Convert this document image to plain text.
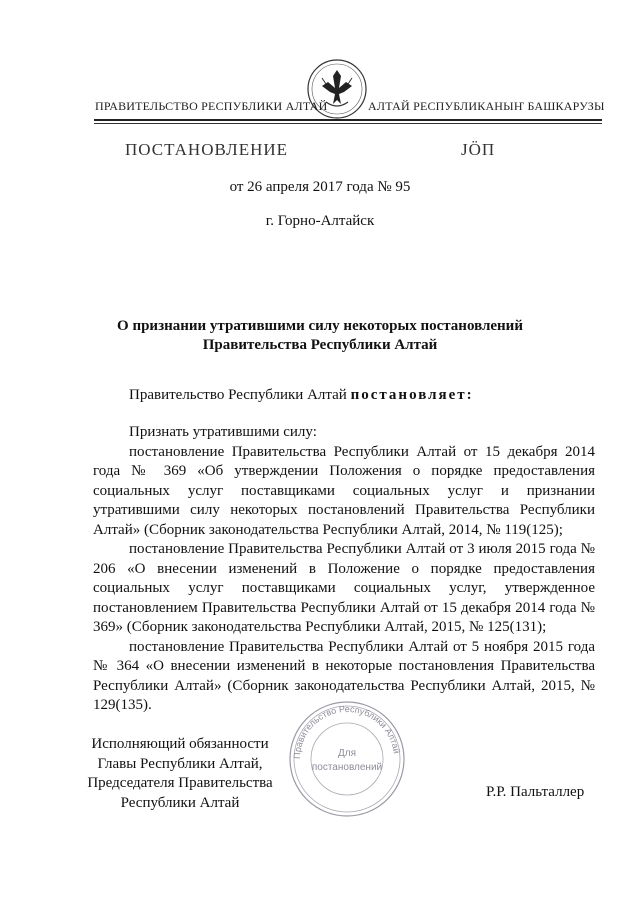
ПРАВИТЕЛЬСТВО РЕСПУБЛИКИ АЛТАЙ	АЛТАЙ РЕСПУБЛИКАНЫҤ БАШКАРУЗЫ
ПОСТАНОВЛЕНИЕ	JӦП
от 26 апреля 2017 года № 95
г. Горно-Алтайск
О признании утратившими силу некоторых постановлений
Правительства Республики Алтай
Правительство Республики Алтай постановляет:

Признать утратившими силу:

постановление Правительства Республики Алтай от 15 декабря 2014 года № 369 «Об утверждении Положения о порядке предоставления социальных услуг поставщиками социальных услуг и признании утратившими силу некоторых постановлений Правительства Республики Алтай» (Сборник законодательства Республики Алтай, 2014, № 119(125);

постановление Правительства Республики Алтай от 3 июля 2015 года № 206 «О внесении изменений в Положение о порядке предоставления социальных услуг поставщиками социальных услуг, утвержденное постановлением Правительства Республики Алтай от 15 декабря 2014 года № 369» (Сборник законодательства Республики Алтай, 2015, № 125(131);

постановление Правительства Республики Алтай от 5 ноября 2015 года № 364 «О внесении изменений в некоторые постановления Правительства Республики Алтай» (Сборник законодательства Республики Алтай, 2015, № 129(135).

Исполняющий обязанности
Главы Республики Алтай,
Председателя Правительства
Республики Алтай
Правительство Республики Алтай
Для
постановлений
Р.Р. Пальталлер
